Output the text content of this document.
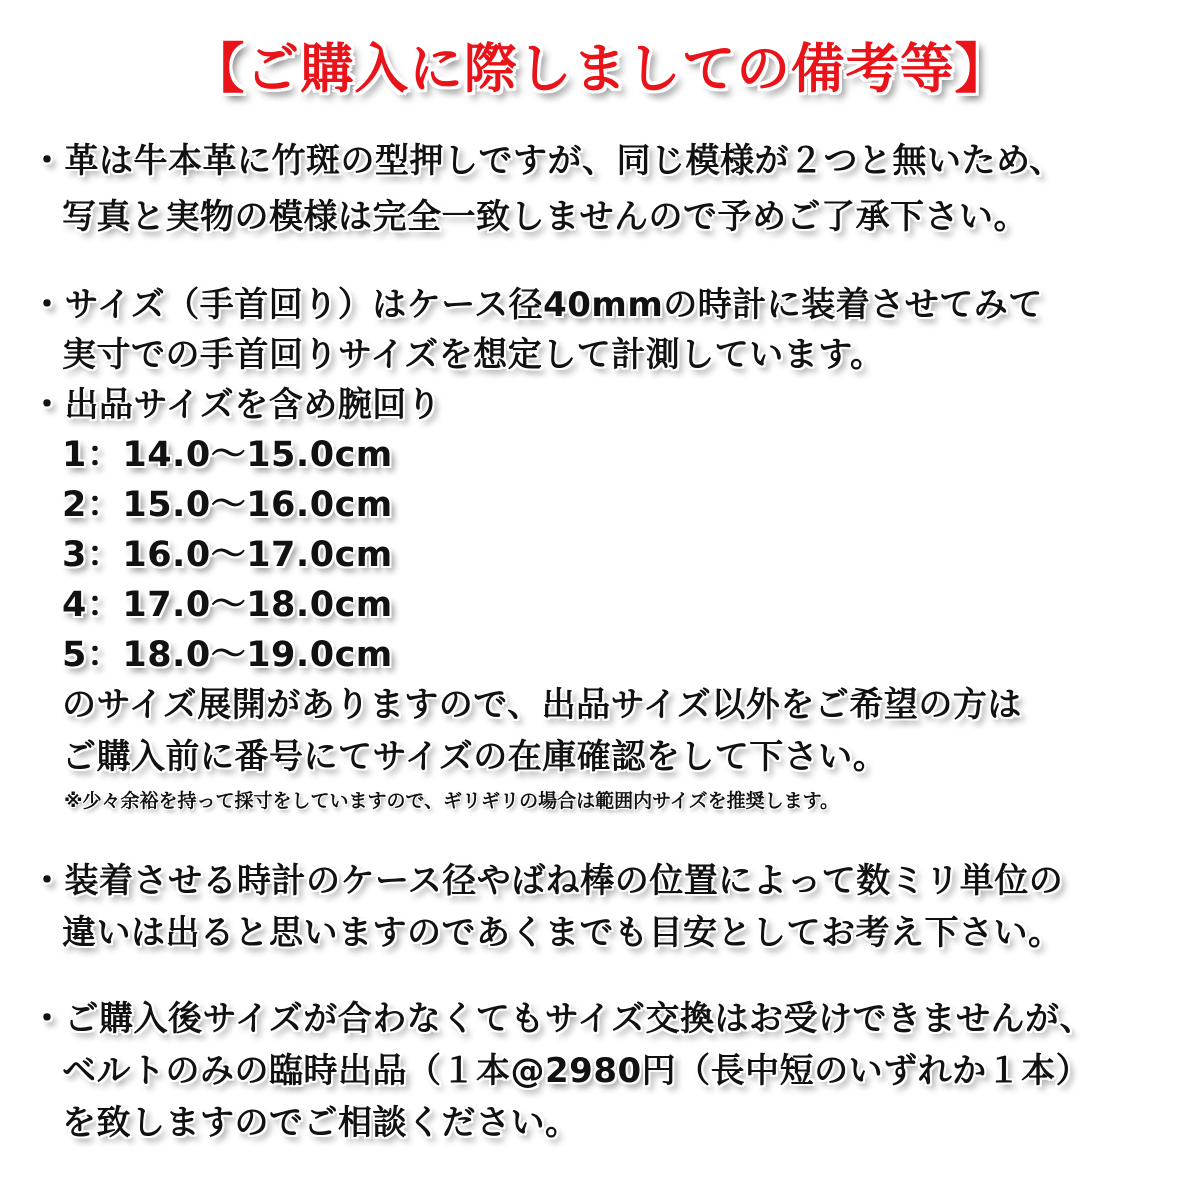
【ご購入に際しましての備考等】
・革は牛本革に竹斑の型押しですが、同じ模様が２つと無いため、
写真と実物の模様は完全一致しませんので予めご了承下さい。
・サイズ（手首回り）はケース径40mmの時計に装着させてみて
実寸での手首回りサイズを想定して計測しています。
・出品サイズを含め腕回り
1：14.0～15.0cm
2：15.0～16.0cm
3：16.0～17.0cm
4：17.0～18.0cm
5：18.0～19.0cm
のサイズ展開がありますので、出品サイズ以外をご希望の方は
ご購入前に番号にてサイズの在庫確認をして下さい。
※少々余裕を持って採寸をしていますので、ギリギリの場合は範囲内サイズを推奨します。
・装着させる時計のケース径やばね棒の位置によって数ミリ単位の
違いは出ると思いますのであくまでも目安としてお考え下さい。
・ご購入後サイズが合わなくてもサイズ交換はお受けできませんが、
ベルトのみの臨時出品（１本@2980円（長中短のいずれか１本）
を致しますのでご相談ください。
